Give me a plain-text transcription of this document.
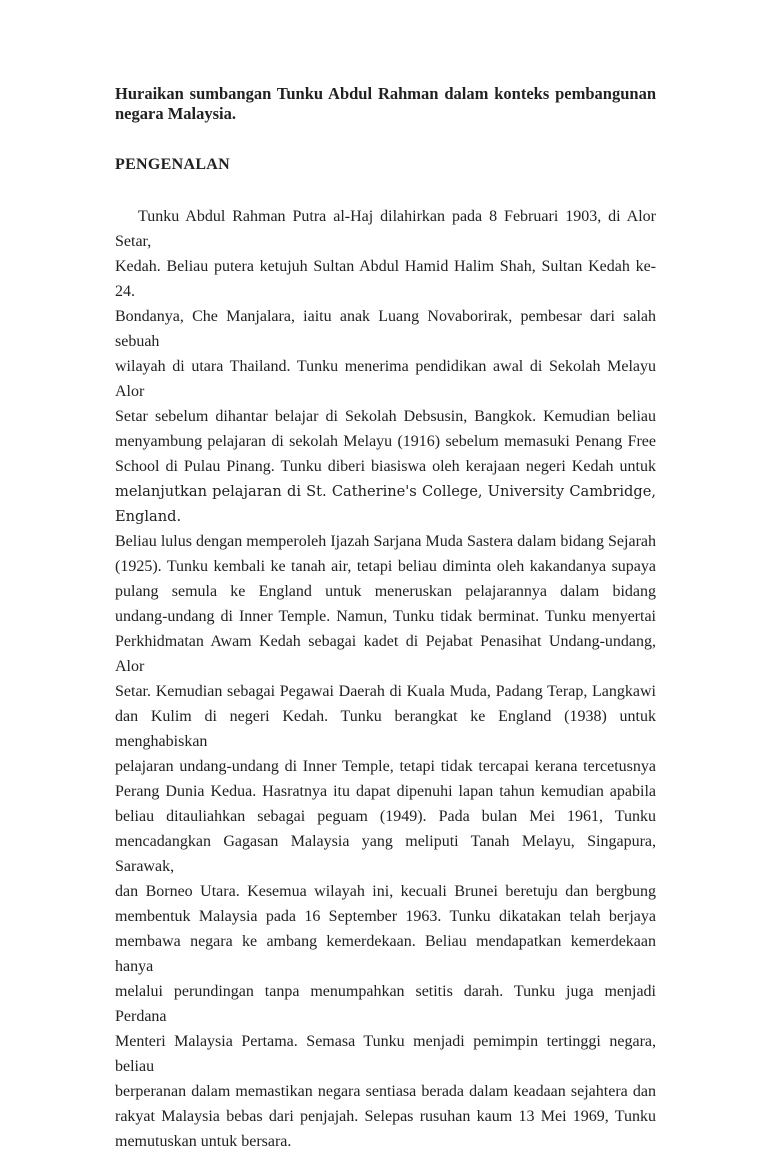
Huraikan sumbangan Tunku Abdul Rahman dalam konteks pembangunan
negara Malaysia.
PENGENALAN
Tunku Abdul Rahman Putra al-Haj dilahirkan pada 8 Februari 1903, di Alor Setar,
Kedah. Beliau putera ketujuh Sultan Abdul Hamid Halim Shah, Sultan Kedah ke-24.
Bondanya, Che Manjalara, iaitu anak Luang Novaborirak, pembesar dari salah sebuah
wilayah di utara Thailand. Tunku menerima pendidikan awal di Sekolah Melayu Alor
Setar sebelum dihantar belajar di Sekolah Debsusin, Bangkok. Kemudian beliau
menyambung pelajaran di sekolah Melayu (1916) sebelum memasuki Penang Free
School di Pulau Pinang. Tunku diberi biasiswa oleh kerajaan negeri Kedah untuk
melanjutkan pelajaran di St. Catherine's College, University Cambridge, England.
Beliau lulus dengan memperoleh Ijazah Sarjana Muda Sastera dalam bidang Sejarah
(1925). Tunku kembali ke tanah air, tetapi beliau diminta oleh kakandanya supaya
pulang semula ke England untuk meneruskan pelajarannya dalam bidang
undang-undang di Inner Temple. Namun, Tunku tidak berminat. Tunku menyertai
Perkhidmatan Awam Kedah sebagai kadet di Pejabat Penasihat Undang-undang, Alor
Setar. Kemudian sebagai Pegawai Daerah di Kuala Muda, Padang Terap, Langkawi
dan Kulim di negeri Kedah. Tunku berangkat ke England (1938) untuk menghabiskan
pelajaran undang-undang di Inner Temple, tetapi tidak tercapai kerana tercetusnya
Perang Dunia Kedua. Hasratnya itu dapat dipenuhi lapan tahun kemudian apabila
beliau ditauliahkan sebagai peguam (1949). Pada bulan Mei 1961, Tunku
mencadangkan Gagasan Malaysia yang meliputi Tanah Melayu, Singapura, Sarawak,
dan Borneo Utara. Kesemua wilayah ini, kecuali Brunei beretuju dan bergbung
membentuk Malaysia pada 16 September 1963. Tunku dikatakan telah berjaya
membawa negara ke ambang kemerdekaan. Beliau mendapatkan kemerdekaan hanya
melalui perundingan tanpa menumpahkan setitis darah. Tunku juga menjadi Perdana
Menteri Malaysia Pertama. Semasa Tunku menjadi pemimpin tertinggi negara, beliau
berperanan dalam memastikan negara sentiasa berada dalam keadaan sejahtera dan
rakyat Malaysia bebas dari penjajah. Selepas rusuhan kaum 13 Mei 1969, Tunku
memutuskan untuk bersara.
